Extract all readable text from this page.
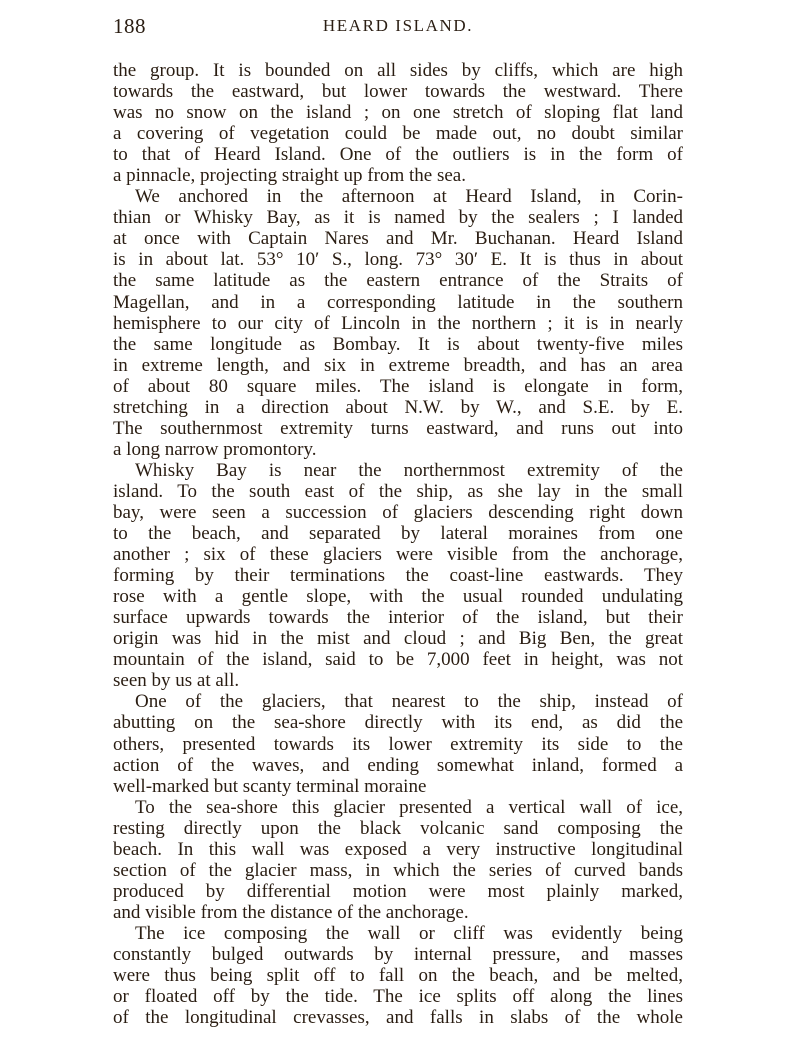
188	HEARD ISLAND.
the group. It is bounded on all sides by cliffs, which are high
towards the eastward, but lower towards the westward. There
was no snow on the island ; on one stretch of sloping flat land
a covering of vegetation could be made out, no doubt similar
to that of Heard Island. One of the outliers is in the form of
a pinnacle, projecting straight up from the sea.
We anchored in the afternoon at Heard Island, in Corin-
thian or Whisky Bay, as it is named by the sealers ; I landed
at once with Captain Nares and Mr. Buchanan. Heard Island
is in about lat. 53° 10′ S., long. 73° 30′ E. It is thus in about
the same latitude as the eastern entrance of the Straits of
Magellan, and in a corresponding latitude in the southern
hemisphere to our city of Lincoln in the northern ; it is in nearly
the same longitude as Bombay. It is about twenty-five miles
in extreme length, and six in extreme breadth, and has an area
of about 80 square miles. The island is elongate in form,
stretching in a direction about N.W. by W., and S.E. by E.
The southernmost extremity turns eastward, and runs out into
a long narrow promontory.
Whisky Bay is near the northernmost extremity of the
island. To the south east of the ship, as she lay in the small
bay, were seen a succession of glaciers descending right down
to the beach, and separated by lateral moraines from one
another ; six of these glaciers were visible from the anchorage,
forming by their terminations the coast-line eastwards. They
rose with a gentle slope, with the usual rounded undulating
surface upwards towards the interior of the island, but their
origin was hid in the mist and cloud ; and Big Ben, the great
mountain of the island, said to be 7,000 feet in height, was not
seen by us at all.
One of the glaciers, that nearest to the ship, instead of
abutting on the sea-shore directly with its end, as did the
others, presented towards its lower extremity its side to the
action of the waves, and ending somewhat inland, formed a
well-marked but scanty terminal moraine
To the sea-shore this glacier presented a vertical wall of ice,
resting directly upon the black volcanic sand composing the
beach. In this wall was exposed a very instructive longitudinal
section of the glacier mass, in which the series of curved bands
produced by differential motion were most plainly marked,
and visible from the distance of the anchorage.
The ice composing the wall or cliff was evidently being
constantly bulged outwards by internal pressure, and masses
were thus being split off to fall on the beach, and be melted,
or floated off by the tide. The ice splits off along the lines
of the longitudinal crevasses, and falls in slabs of the whole
